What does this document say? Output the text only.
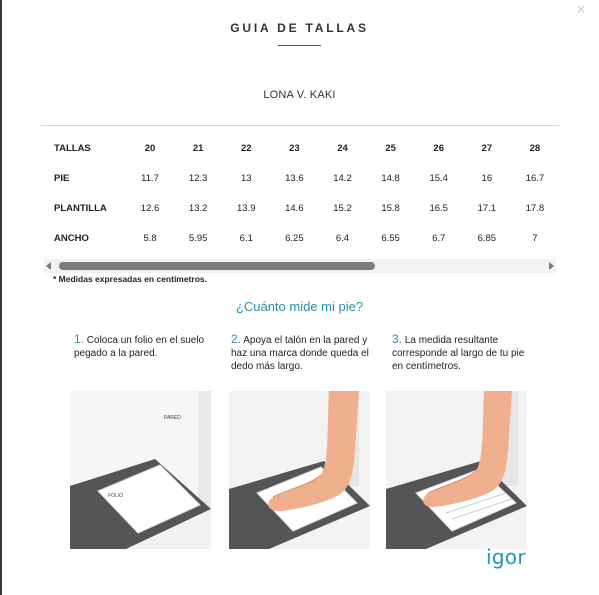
✕
GUIA DE TALLAS
LONA V. KAKI
TALLAS	20	21	22	23	24	25	26	27	28
PIE	11.7	12.3	13	13.6	14.2	14.8	15.4	16	16.7
PLANTILLA	12.6	13.2	13.9	14.6	15.2	15.8	16.5	17.1	17.8
ANCHO	5.8	5.95	6.1	6.25	6.4	6.55	6.7	6.85	7
* Medidas expresadas en centímetros.
¿Cuánto mide mi pie?
1. Coloca un folio en el suelo pegado a la pared.
2. Apoya el talón en la pared y haz una marca donde queda el dedo más largo.
3. La medida resultante corresponde al largo de tu pie en centímetros.
PARED
FOLIO
igor
